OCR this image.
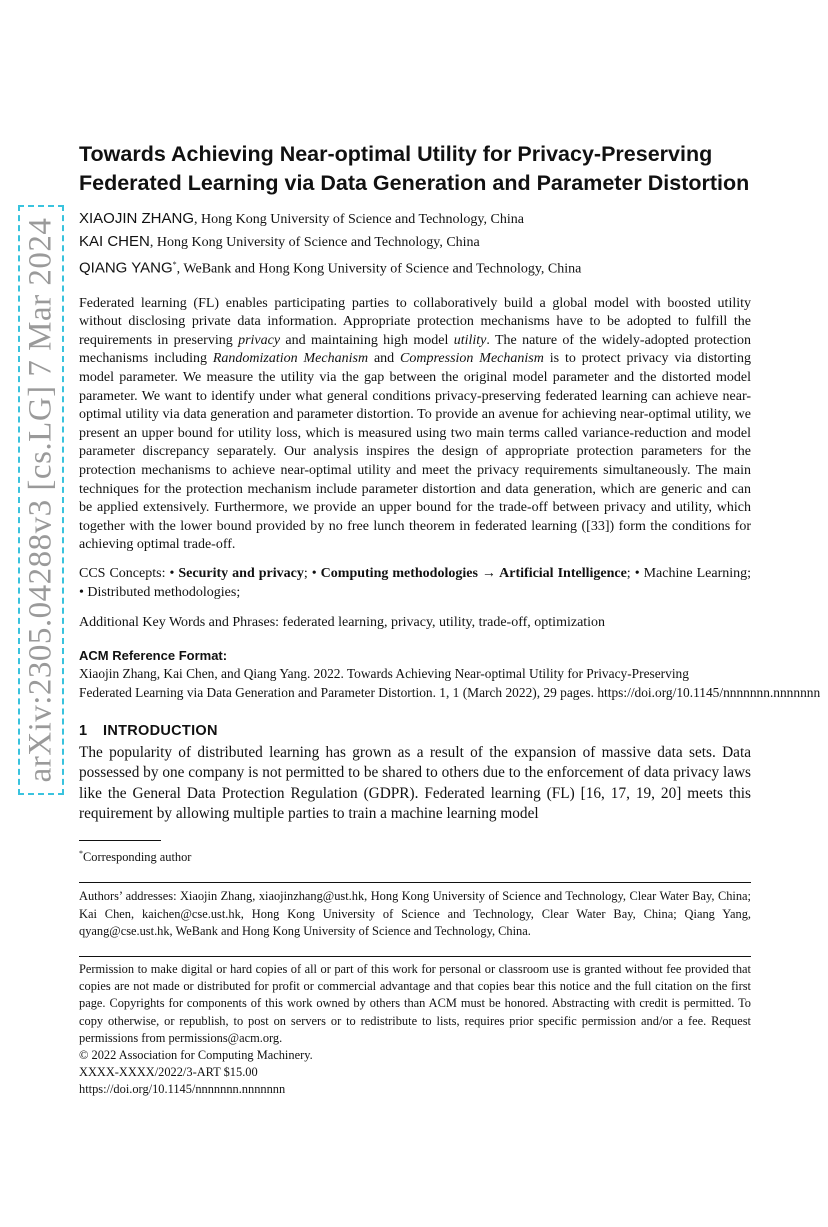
arXiv:2305.04288v3 [cs.LG] 7 Mar 2024
Towards Achieving Near-optimal Utility for Privacy-Preserving Federated Learning via Data Generation and Parameter Distortion

XIAOJIN ZHANG, Hong Kong University of Science and Technology, China

KAI CHEN, Hong Kong University of Science and Technology, China

QIANG YANG*, WeBank and Hong Kong University of Science and Technology, China

Federated learning (FL) enables participating parties to collaboratively build a global model with boosted utility without disclosing private data information. Appropriate protection mechanisms have to be adopted to fulfill the requirements in preserving privacy and maintaining high model utility. The nature of the widely-adopted protection mechanisms including Randomization Mechanism and Compression Mechanism is to protect privacy via distorting model parameter. We measure the utility via the gap between the original model parameter and the distorted model parameter. We want to identify under what general conditions privacy-preserving federated learning can achieve near-optimal utility via data generation and parameter distortion. To provide an avenue for achieving near-optimal utility, we present an upper bound for utility loss, which is measured using two main terms called variance-reduction and model parameter discrepancy separately. Our analysis inspires the design of appropriate protection parameters for the protection mechanisms to achieve near-optimal utility and meet the privacy requirements simultaneously. The main techniques for the protection mechanism include parameter distortion and data generation, which are generic and can be applied extensively. Furthermore, we provide an upper bound for the trade-off between privacy and utility, which together with the lower bound provided by no free lunch theorem in federated learning ([33]) form the conditions for achieving optimal trade-off.

CCS Concepts: • Security and privacy; • Computing methodologies → Artificial Intelligence; • Machine Learning; • Distributed methodologies;
Additional Key Words and Phrases: federated learning, privacy, utility, trade-off, optimization
ACM Reference Format:
Xiaojin Zhang, Kai Chen, and Qiang Yang. 2022. Towards Achieving Near-optimal Utility for Privacy-Preserving
Federated Learning via Data Generation and Parameter Distortion. 1, 1 (March 2022), 29 pages. https://doi.org/10.1145/nnnnnnn.nnnnnnn
1 INTRODUCTION

The popularity of distributed learning has grown as a result of the expansion of massive data sets. Data possessed by one company is not permitted to be shared to others due to the enforcement of data privacy laws like the General Data Protection Regulation (GDPR). Federated learning (FL) [16, 17, 19, 20] meets this requirement by allowing multiple parties to train a machine learning model

*Corresponding author
Authors’ addresses: Xiaojin Zhang, xiaojinzhang@ust.hk, Hong Kong University of Science and Technology, Clear Water Bay, China; Kai Chen, kaichen@cse.ust.hk, Hong Kong University of Science and Technology, Clear Water Bay, China; Qiang Yang, qyang@cse.ust.hk, WeBank and Hong Kong University of Science and Technology, China.
Permission to make digital or hard copies of all or part of this work for personal or classroom use is granted without fee provided that copies are not made or distributed for profit or commercial advantage and that copies bear this notice and the full citation on the first page. Copyrights for components of this work owned by others than ACM must be honored. Abstracting with credit is permitted. To copy otherwise, or republish, to post on servers or to redistribute to lists, requires prior specific permission and/or a fee. Request permissions from permissions@acm.org.
© 2022 Association for Computing Machinery.
XXXX-XXXX/2022/3-ART $15.00
https://doi.org/10.1145/nnnnnnn.nnnnnnn
